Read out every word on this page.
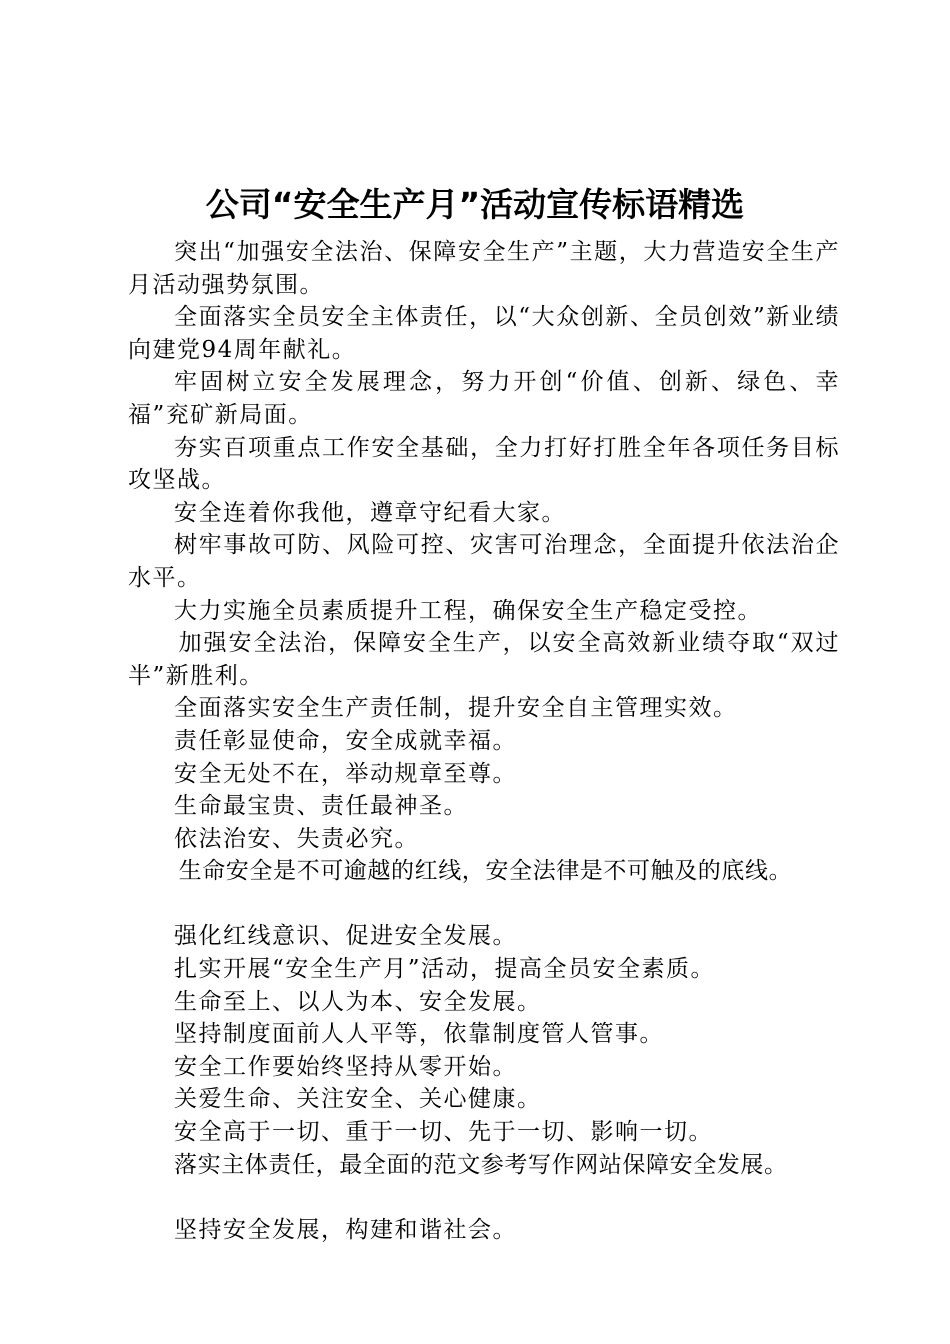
公司“安全生产月”活动宣传标语精选

突出“加强安全法治、保障安全生产”主题，大力营造安全生产月活动强势氛围。

全面落实全员安全主体责任，以“大众创新、全员创效”新业绩向建党94周年献礼。

牢固树立安全发展理念，努力开创“价值、创新、绿色、幸福”兖矿新局面。

夯实百项重点工作安全基础，全力打好打胜全年各项任务目标攻坚战。

安全连着你我他，遵章守纪看大家。

树牢事故可防、风险可控、灾害可治理念，全面提升依法治企水平。

大力实施全员素质提升工程，确保安全生产稳定受控。

加强安全法治，保障安全生产，以安全高效新业绩夺取“双过半”新胜利。

全面落实安全生产责任制，提升安全自主管理实效。

责任彰显使命，安全成就幸福。

安全无处不在，举动规章至尊。

生命最宝贵、责任最神圣。

依法治安、失责必究。

生命安全是不可逾越的红线，安全法律是不可触及的底线。

强化红线意识、促进安全发展。

扎实开展“安全生产月”活动，提高全员安全素质。

生命至上、以人为本、安全发展。

坚持制度面前人人平等，依靠制度管人管事。

安全工作要始终坚持从零开始。

关爱生命、关注安全、关心健康。

安全高于一切、重于一切、先于一切、影响一切。

落实主体责任，最全面的范文参考写作网站保障安全发展。

坚持安全发展，构建和谐社会。
